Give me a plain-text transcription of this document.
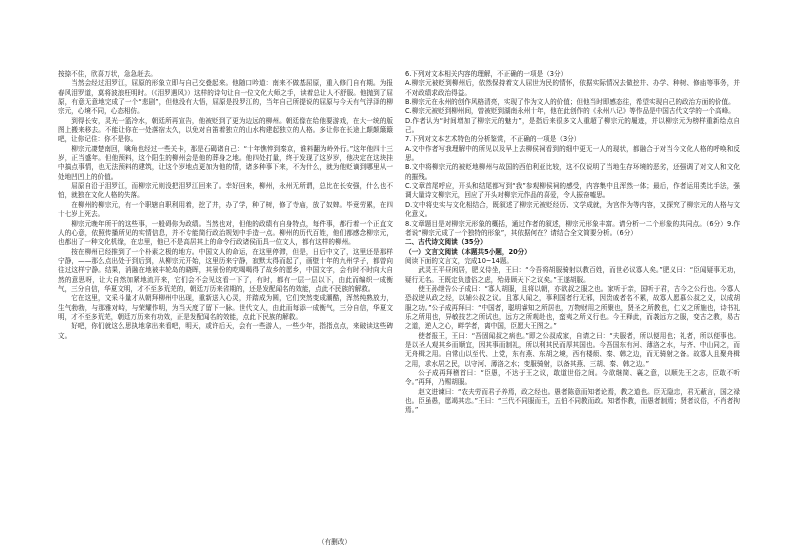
按捺不住，欣喜万状，急急赶去。

当然会经过泪罗江，屈原的形象立即与自己交叠起来。他随口吟道：南来不做基屈原，重入修门自有期。为报春风泪罗道，莫将波浪枉明时。（《泪罗遇风》）这样的诗句让自一位文化大师之手，读着总让人不舒服。他抛到了屈原，有意无意地完成了一个“悲剧”，但他没有大悟，屈原是投罗江的，当年自己所提说的屈原与今天有气浮泽的柳宗元，心境不同，心态相仿。

到得长安，灵光一篮冷水，朝廷所再宣告，他被贬到了更为边远的柳州。朝廷像在给他要游戏，在大一统的版图上搬来移去。不能让你在一处落宿太久，以免对自笛着独立的山水构建起独立的人格。多让你在长途上颠颠簸簸吧，让你记住：你不是你。

柳宗元凄楚南回，噙角也经过一些关卡，那是石碣诸自己：“十年憔悴到秦京，谁料翻为岭外行。”这年他四十三岁，正当盛年。但他预料，这个阳生的柳州会是他的葬身之地。他四处打量，终于发现了这岁岁，他决定在这块挂中搞点事情，也无法预料的建筑，让这个岁地点更加为他的情，诸多种事下来，不为什么，就为他贬谪到哪里从一处地凹凹上的价值。

屈原自沿于泪罗江，而柳宗元则没把泪罗江回来了。幸好回来，柳州，永州无所谓，总比在长安强，什么也不怕，就独在文化人格的失落。

在柳州的柳宗元，有一个职辖自职利用着，挖了井，办了学，种了树，修了寺庙，放了奴婢。毕竟劳累，在四十七岁上死去。

柳宗元晚年所干的这些事，一般碍你为政绩。当然也对，但他的政绩有自身特点，每件事，都行着一个正直文人的心意，依照传播所见的实情信息，并不专能简行政治规划中手造一点。柳州的历代百姓，他们都感念柳宗元，也都出了一种文化机缘，在忠里，他已不是高居其上的命令行政诸侯而具一位文人，都有这样的柳州。

按在柳州已经推到了一个朴素之极的地方。中国文人的命运，在这里停滞，但是，日后中文了，这里还是那样宁静，——那么点出处于到后到，从柳宗元开始，这里历来宁静，寂默太得而起了，画壁十年的九州学子，都曾向往过这样宁静。结果，消融在地被丰轮岛的晓晖，其景份的吃喝喝得了故乡的愿乡，中国文字，会有时不时向大自然的意思呀，让大自然加紧地流开来，它们会不会见这看一下了，有时，都有一层一层以下，由此而编织一成衡气，三分自信，华夏文明，才不至多荒芜的，朝廷万历来省期的，还是发配闻名的效能，点此不民族的解救。

它在这里，文采斗量才从朝拜柳州中出现，重新送入心灵，并踏成为圆，它们突然变成潮酷，浑然纯熟放力，生气勃勃，与那雅对峙，与荣耀作明，为当天度了留下一脉。世代文人，由此而每添一成衡气，三分自信，华夏文明，才不至多荒芜，朝廷万历来有功效，正是发配闻名的效能，点此下民族的解救。

好吧，你们就这么思执地拿出来看吧，明天，或许后天，会有一些游人，一些少年，指指点点，来破读这些碑文。

6.下列对文本相关内容的理解，不正确的一项是（3分）

A.柳宗元被贬到柳州后，依然保持着文人屈世为民的情怀，依据实际情况去做挖井、办学、种树、修庙等事务，并不对政绩求政治得益。

B.柳宗元在永州的创作风格清亮，实现了作为文人的价值；但他当时即感态往，希望实现自己的政治方面的价值。

C.柳宗元被贬到柳州间，曾被贬到湖南永州十年，他在此创作的《永州八记》等作品是中国古代文学的一个高峰。

D.作者认为“时间增加了柳宗元的魅力”，是指后来很多文人重超了柳宗元的履迹，并以柳宗元为榜样重新绘点自己。

7.下列对文本艺术特色的分析鉴赏，不正确的一项是（3分）

A.文中作者写我理解中的所见以及早上去柳侯祠看到的细中更无一人的现状，都融合于对当今文化人格的呼唤和反思。

B.文中将柳宗元的被贬地柳州与故国的西伯利亚比较，这不仅说明了当地生存环境的恶劣，还强调了对文人和文化的摧残。

C.文章首尾呼应，开头和结尾都写到“我”参观柳侯祠的感受，内容集中且浑然一体；最后，作者运用类比手法，强调大量诗文柳宗元，回应了开头对柳宗元作品的喜爱，令人振奋嘘思。

D.文中将史实与文化相结合，既叙述了柳宗元被贬经历、文学成就，为宫作为等内容，又探究了柳宗元的人格与文化意义。

8.文章题目是对柳宗元形象的概括，通过作者的叙述，柳宗元形象丰富。请分析一二个形象的共同点。（6分）9.作者说“柳宗元成了一个独特的形象”，其依据何在？请结合全文简要分析。（6分）

二、古代诗文阅读（35分）

（一）文言文阅读（本题共5小题，20分）

阅读下面的文言文，完成10~14题。

武灵王平昼闲居，肥义侍坐，王曰：“今吾将胡服骑射以教百姓，而世必议寡人矣。”肥义曰：“臣闻疑事无功，疑行无名。王既定负遗俗之虑，殆毋顾天下之议矣。”王遂胡服。

使王孙绁告公子成曰：“寡人胡服，且将以朝，亦欲叔之服之也。家听于亲，国听于君，古今之公行也。今寡人恐叔逆从政之经，以辅公叔之议。且寡人闻之，事利国者行无邪，因贵戚者名不累，故寡人愿慕公叔之义，以成胡服之功。”公子成再拜曰：“中国者，聪明睿知之所居也，万物财用之所聚也，贤圣之所教也，仁义之所施也，诗书礼乐之所用也，异敏技艺之所试也，远方之所观赴也，蛮夷之所义行也。今王释此，而袭远方之服，变古之教，易古之道，逆人之心，畔学者，离中国，臣愿大王图之。”

使者报王，王曰：“吾固闻叔之病也。”即之公叔成家，自请之曰：“夫服者，所以便用也；礼者，所以便事也。是以圣人观其乡而顺宜，因其事而制礼，所以利其民而厚其国也。今吾国东有河、薄洛之水，与齐、中山同之，而无舟楫之用。自常山以至代、上党，东有燕、东胡之境，西有楼烦、秦、韩之边，而无骑射之备。故寡人且聚舟楫之用，求水居之民，以守河、薄洛之水；变服骑射，以备其燕、三胡、秦、韩之边。”

公子成再拜稽首曰：“臣愚，不达于王之议，敢道世俗之间。今欲继简、襄之意，以顺先王之志，臣敢不听令。”再拜，乃赐胡服。

赵文进谏曰：“农夫劳而君子养焉，政之经也。愚者陈意而知者论焉，教之道也。臣无隐忠，君无蔽言，国之禄也。臣虽愚，愿竭其忠。”王曰：“三代不同服而王，五伯不同教而政。知者作教，而愚者制焉；贤者议俗，不肖者拘焉。”

（有删改）
